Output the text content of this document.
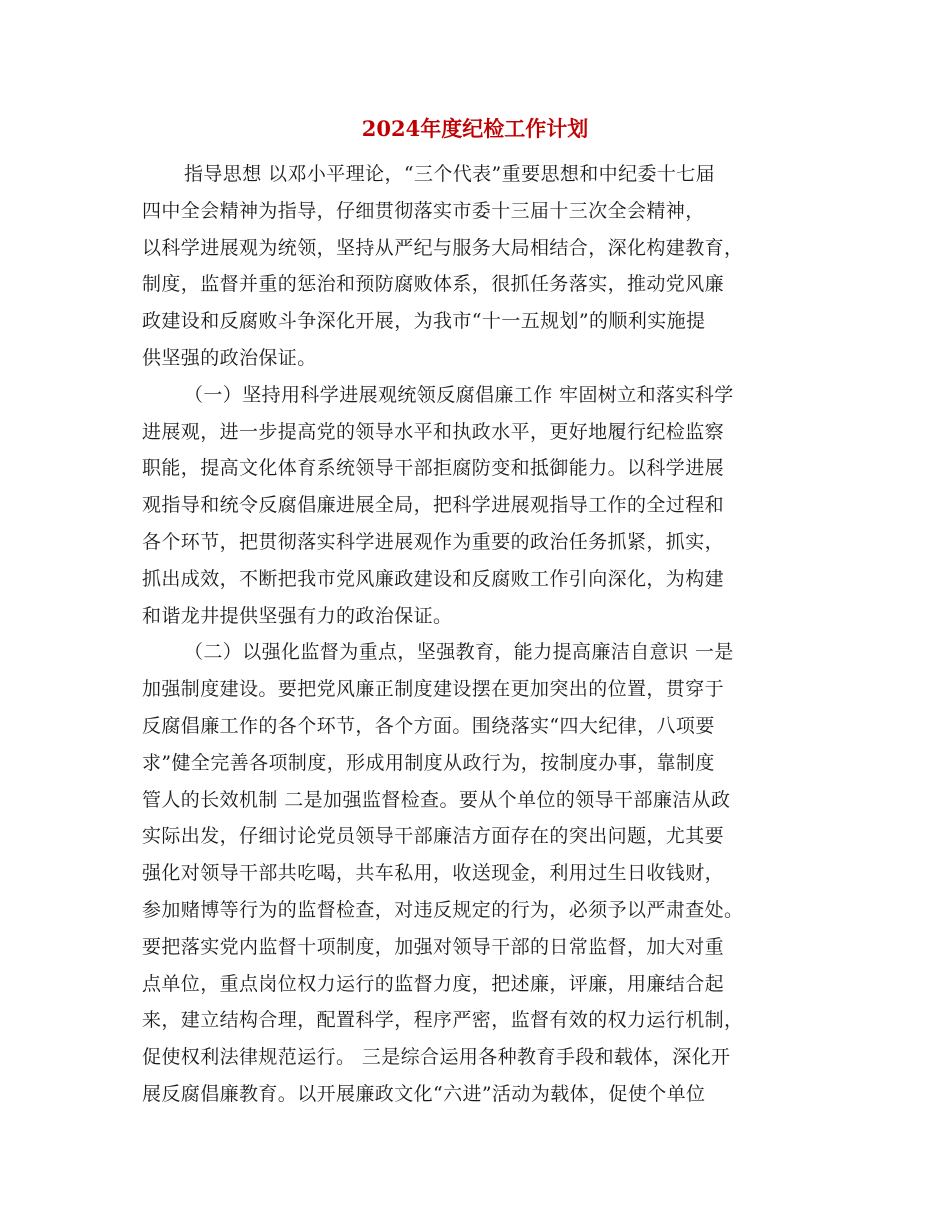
2024年度纪检工作计划
指导思想 以邓小平理论，“三个代表”重要思想和中纪委十七届
四中全会精神为指导，仔细贯彻落实市委十三届十三次全会精神，
以科学进展观为统领，坚持从严纪与服务大局相结合，深化构建教育，
制度，监督并重的惩治和预防腐败体系，很抓任务落实，推动党风廉
政建设和反腐败斗争深化开展，为我市“十一五规划”的顺利实施提
供坚强的政治保证。
（一）坚持用科学进展观统领反腐倡廉工作 牢固树立和落实科学
进展观，进一步提高党的领导水平和执政水平，更好地履行纪检监察
职能，提高文化体育系统领导干部拒腐防变和抵御能力。以科学进展
观指导和统令反腐倡廉进展全局，把科学进展观指导工作的全过程和
各个环节，把贯彻落实科学进展观作为重要的政治任务抓紧，抓实，
抓出成效，不断把我市党风廉政建设和反腐败工作引向深化，为构建
和谐龙井提供坚强有力的政治保证。
（二）以强化监督为重点，坚强教育，能力提高廉洁自意识 一是
加强制度建设。要把党风廉正制度建设摆在更加突出的位置，贯穿于
反腐倡廉工作的各个环节，各个方面。围绕落实“四大纪律，八项要
求”健全完善各项制度，形成用制度从政行为，按制度办事，靠制度
管人的长效机制 二是加强监督检查。要从个单位的领导干部廉洁从政
实际出发，仔细讨论党员领导干部廉洁方面存在的突出问题，尤其要
强化对领导干部共吃喝，共车私用，收送现金，利用过生日收钱财，
参加赌博等行为的监督检查，对违反规定的行为，必须予以严肃查处。
要把落实党内监督十项制度，加强对领导干部的日常监督，加大对重
点单位，重点岗位权力运行的监督力度，把述廉，评廉，用廉结合起
来，建立结构合理，配置科学，程序严密，监督有效的权力运行机制，
促使权利法律规范运行。 三是综合运用各种教育手段和载体，深化开
展反腐倡廉教育。以开展廉政文化“六进”活动为载体，促使个单位
